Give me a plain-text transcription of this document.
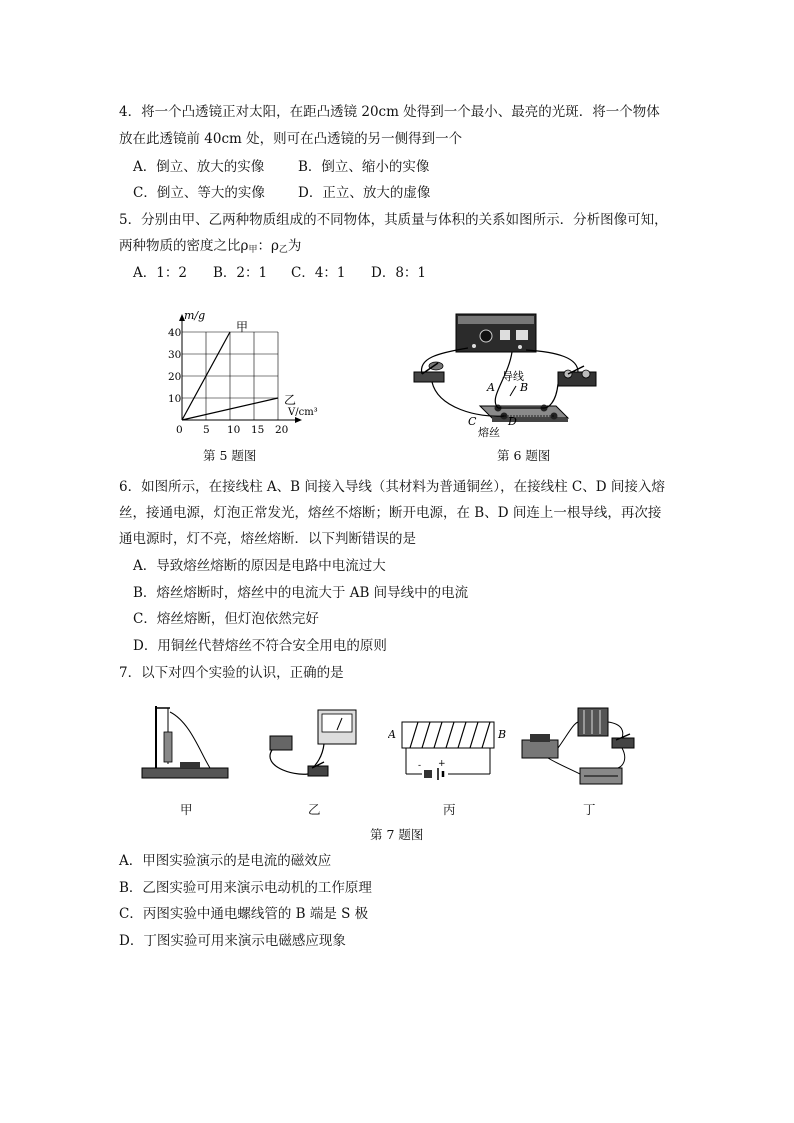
4．将一个凸透镜正对太阳，在距凸透镜 20cm 处得到一个最小、最亮的光斑．将一个物体
放在此透镜前 40cm 处，则可在凸透镜的另一侧得到一个
A．倒立、放大的实像	B．倒立、缩小的实像
C．倒立、等大的实像 D．正立、放大的虚像
5．分别由甲、乙两种物质组成的不同物体，其质量与体积的关系如图所示．分析图像可知，
两种物质的密度之比$\rho_甲$：$\rho_乙$为
A．1：2 B．2：1 C．4：1 D．8：1
5 10 15 20
10
20
30
40
m/g
V/cm³
0
甲
乙
第 5 题图
导线
A B
C	D
熔丝
第 6 题图
6．如图所示，在接线柱 A、B 间接入导线（其材料为普通铜丝），在接线柱 C、D 间接入熔
丝，接通电源，灯泡正常发光，熔丝不熔断；断开电源，在 B、D 间连上一根导线，再次接
通电源时，灯不亮，熔丝熔断．以下判断错误的是
A．导致熔丝熔断的原因是电路中电流过大
B．熔丝熔断时，熔丝中的电流大于 AB 间导线中的电流
C．熔丝熔断，但灯泡依然完好
D．用铜丝代替熔丝不符合安全用电的原则
7．以下对四个实验的认识，正确的是
甲	乙
- +
A	B
丙	丁
第 7 题图
A．甲图实验演示的是电流的磁效应
B．乙图实验可用来演示电动机的工作原理
C．丙图实验中通电螺线管的 B 端是 S 极
D．丁图实验可用来演示电磁感应现象
